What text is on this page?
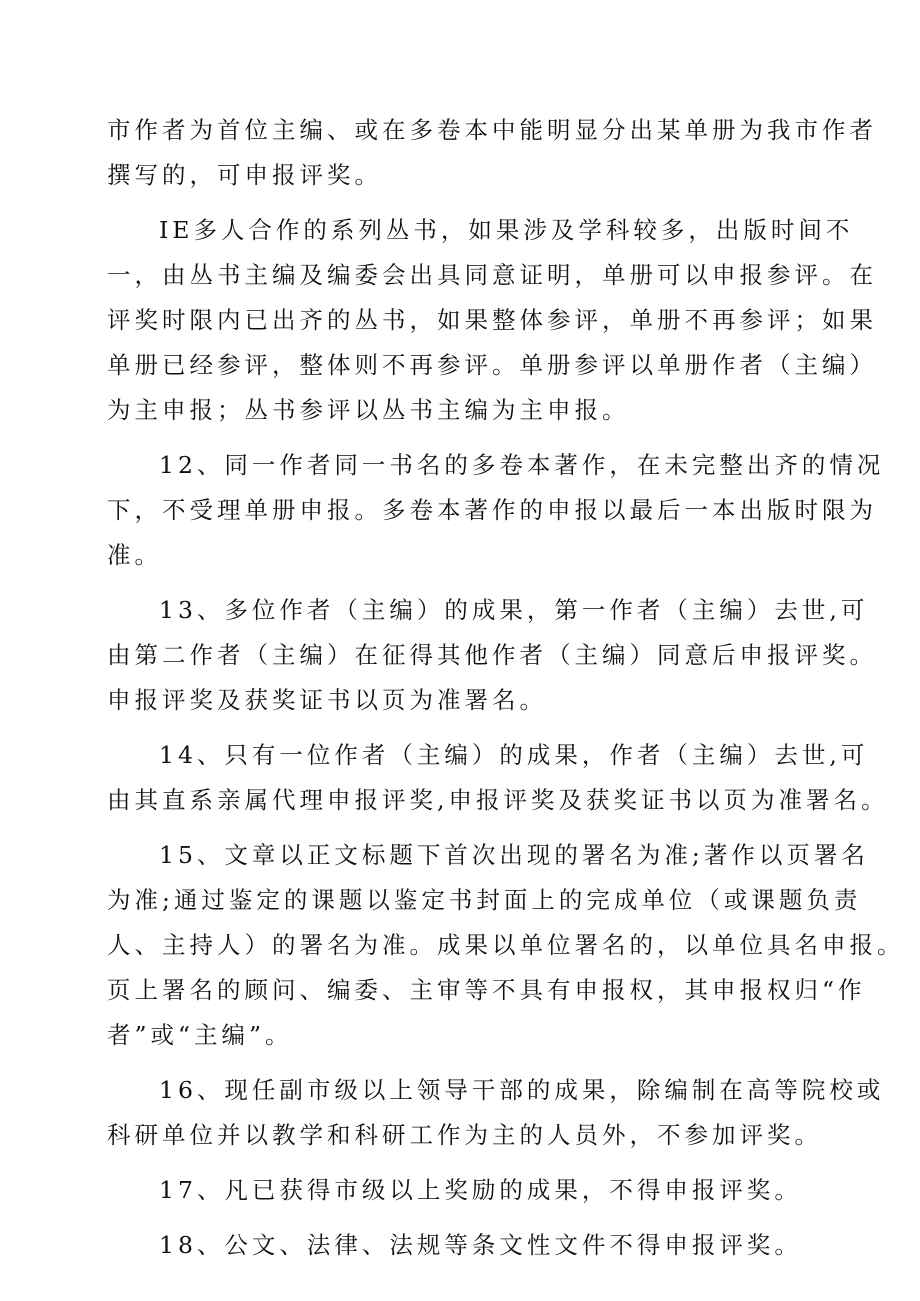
市作者为首位主编、或在多卷本中能明显分出某单册为我市作者
撰写的，可申报评奖。
IE多人合作的系列丛书，如果涉及学科较多，出版时间不
一，由丛书主编及编委会出具同意证明，单册可以申报参评。在
评奖时限内已出齐的丛书，如果整体参评，单册不再参评；如果
单册已经参评，整体则不再参评。单册参评以单册作者（主编）
为主申报；丛书参评以丛书主编为主申报。
12、同一作者同一书名的多卷本著作，在未完整出齐的情况
下，不受理单册申报。多卷本著作的申报以最后一本出版时限为
准。
13、多位作者（主编）的成果，第一作者（主编）去世,可
由第二作者（主编）在征得其他作者（主编）同意后申报评奖。
申报评奖及获奖证书以页为准署名。
14、只有一位作者（主编）的成果，作者（主编）去世,可
由其直系亲属代理申报评奖,申报评奖及获奖证书以页为准署名。
15、文章以正文标题下首次出现的署名为准;著作以页署名
为准;通过鉴定的课题以鉴定书封面上的完成单位（或课题负责
人、主持人）的署名为准。成果以单位署名的，以单位具名申报。
页上署名的顾问、编委、主审等不具有申报权，其申报权归“作
者”或“主编”。
16、现任副市级以上领导干部的成果，除编制在高等院校或
科研单位并以教学和科研工作为主的人员外，不参加评奖。
17、凡已获得市级以上奖励的成果，不得申报评奖。
18、公文、法律、法规等条文性文件不得申报评奖。
